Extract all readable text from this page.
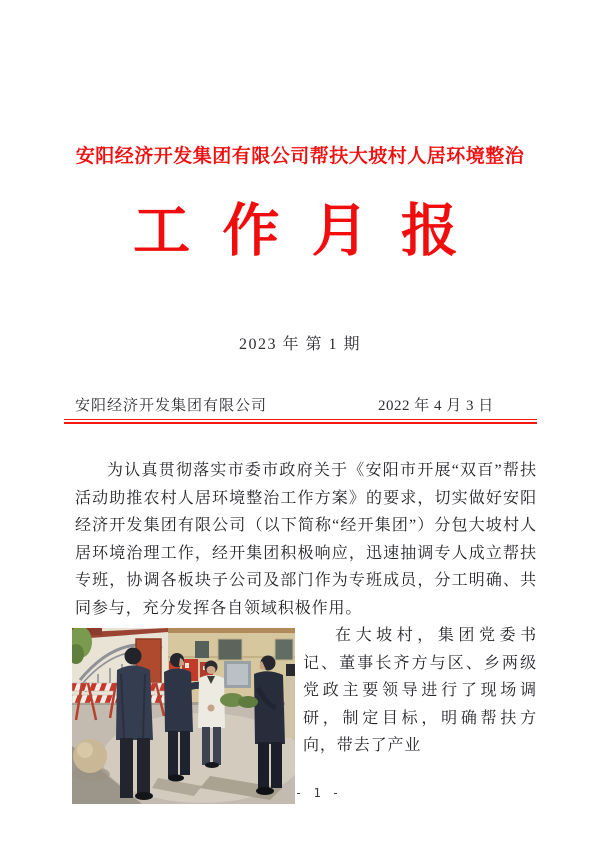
安阳经济开发集团有限公司帮扶大坡村人居环境整治
工 作 月 报
2023 年 第 1 期
安阳经济开发集团有限公司	2022 年 4 月 3 日

为认真贯彻落实市委市政府关于《安阳市开展“双百”帮扶活动助推农村人居环境整治工作方案》的要求，切实做好安阳经济开发集团有限公司（以下简称“经开集团”）分包大坡村人居环境治理工作，经开集团积极响应，迅速抽调专人成立帮扶专班，协调各板块子公司及部门作为专班成员，分工明确、共同参与，充分发挥各自领域积极作用。

在大坡村，集团党委书记、董事长齐方与区、乡两级党政主要领导进行了现场调研，制定目标，明确帮扶方向，带去了产业

- 1 -
